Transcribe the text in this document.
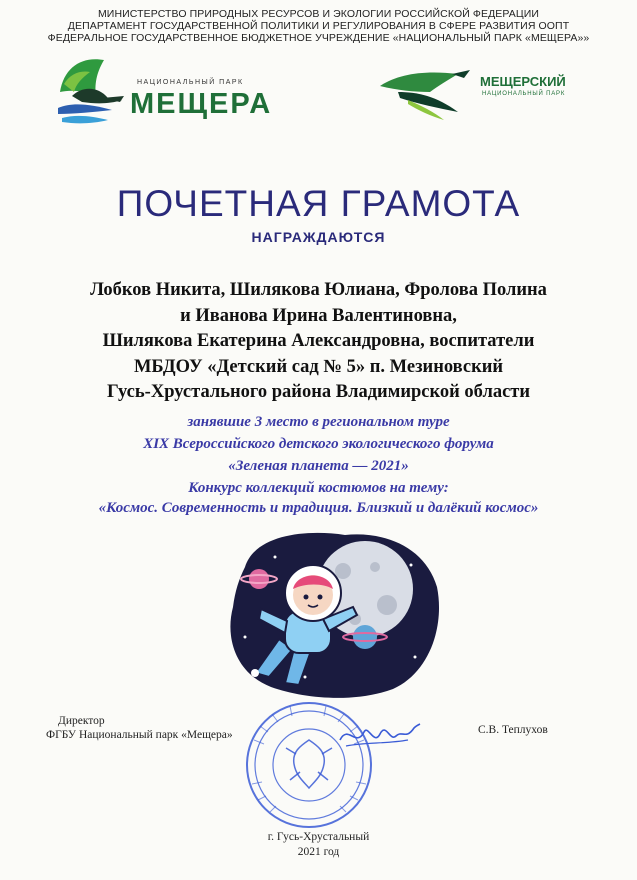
МИНИСТЕРСТВО ПРИРОДНЫХ РЕСУРСОВ И ЭКОЛОГИИ РОССИЙСКОЙ ФЕДЕРАЦИИ
ДЕПАРТАМЕНТ ГОСУДАРСТВЕННОЙ ПОЛИТИКИ И РЕГУЛИРОВАНИЯ В СФЕРЕ РАЗВИТИЯ ООПТ
ФЕДЕРАЛЬНОЕ ГОСУДАРСТВЕННОЕ БЮДЖЕТНОЕ УЧРЕЖДЕНИЕ «НАЦИОНАЛЬНЫЙ ПАРК «МЕЩЕРА»»
НАЦИОНАЛЬНЫЙ ПАРК
МЕЩЕРА
МЕЩЕРСКИЙ
НАЦИОНАЛЬНЫЙ ПАРК
ПОЧЕТНАЯ ГРАМОТА
НАГРАЖДАЮТСЯ
Лобков Никита, Шилякова Юлиана, Фролова Полина
и Иванова Ирина Валентиновна,
Шилякова Екатерина Александровна, воспитатели
МБДОУ «Детский сад № 5» п. Мезиновский
Гусь-Хрустального района Владимирской области
занявшие 3 место в региональном туре
XIX Всероссийского детского экологического форума
«Зеленая планета — 2021»
Конкурс коллекций костюмов на тему:
«Космос. Современность и традиция. Близкий и далёкий космос»
Директор
ФГБУ Национальный парк «Мещера»	С.В. Теплухов
г. Гусь-Хрустальный
2021 год
